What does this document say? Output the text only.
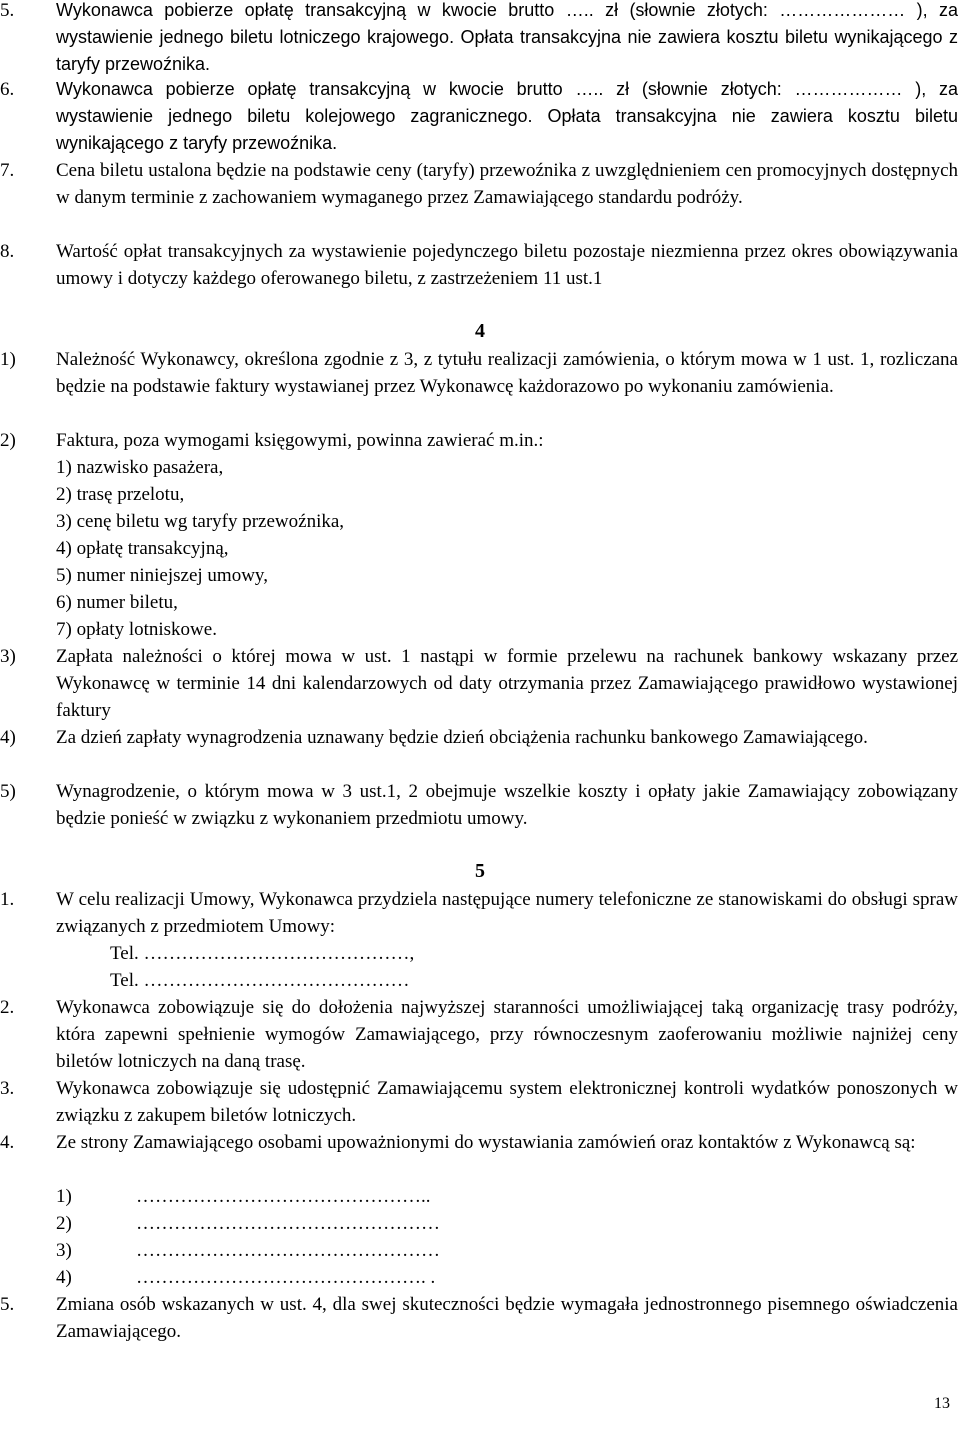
5. Wykonawca pobierze opłatę transakcyjną w kwocie brutto ….. zł (słownie złotych: ………………… ), za wystawienie jednego biletu lotniczego krajowego. Opłata transakcyjna nie zawiera kosztu biletu wynikającego z taryfy przewoźnika.
6. Wykonawca pobierze opłatę transakcyjną w kwocie brutto ….. zł (słownie złotych: ……………… ), za wystawienie jednego biletu kolejowego zagranicznego. Opłata transakcyjna nie zawiera kosztu biletu wynikającego z taryfy przewoźnika.
7. Cena biletu ustalona będzie na podstawie ceny (taryfy) przewoźnika z uwzględnieniem cen promocyjnych dostępnych w danym terminie z zachowaniem wymaganego przez Zamawiającego standardu podróży.
8. Wartość opłat transakcyjnych za wystawienie pojedynczego biletu pozostaje niezmienna przez okres obowiązywania umowy i dotyczy każdego oferowanego biletu, z zastrzeżeniem 11 ust.1
4
1) Należność Wykonawcy, określona zgodnie z 3, z tytułu realizacji zamówienia, o którym mowa w 1 ust. 1, rozliczana będzie na podstawie faktury wystawianej przez Wykonawcę każdorazowo po wykonaniu zamówienia.
2) Faktura, poza wymogami księgowymi, powinna zawierać m.in.:
1) nazwisko pasażera,
2) trasę przelotu,
3) cenę biletu wg taryfy przewoźnika,
4) opłatę transakcyjną,
5) numer niniejszej umowy,
6) numer biletu,
7) opłaty lotniskowe.
3) Zapłata należności o której mowa w ust. 1 nastąpi w formie przelewu na rachunek bankowy wskazany przez Wykonawcę w terminie 14 dni kalendarzowych od daty otrzymania przez Zamawiającego prawidłowo wystawionej faktury
4) Za dzień zapłaty wynagrodzenia uznawany będzie dzień obciążenia rachunku bankowego Zamawiającego.
5) Wynagrodzenie, o którym mowa w 3 ust.1, 2 obejmuje wszelkie koszty i opłaty jakie Zamawiający zobowiązany będzie ponieść w związku z wykonaniem przedmiotu umowy.
5
1. W celu realizacji Umowy, Wykonawca przydziela następujące numery telefoniczne ze stanowiskami do obsługi spraw związanych z przedmiotem Umowy:
Tel. ……………………………………,
Tel. ……………………………………
2. Wykonawca zobowiązuje się do dołożenia najwyższej staranności umożliwiającej taką organizację trasy podróży, która zapewni spełnienie wymogów Zamawiającego, przy równoczesnym zaoferowaniu możliwie najniżej ceny biletów lotniczych na daną trasę.
3. Wykonawca zobowiązuje się udostępnić Zamawiającemu system elektronicznej kontroli wydatków ponoszonych w związku z zakupem biletów lotniczych.
4. Ze strony Zamawiającego osobami upoważnionymi do wystawiania zamówień oraz kontaktów z Wykonawcą są:
1)	………………………………………..
2)	…………………………………………
3)	…………………………………………
4)	………………………………………. .
5. Zmiana osób wskazanych w ust. 4, dla swej skuteczności będzie wymagała jednostronnego pisemnego oświadczenia Zamawiającego.
13
